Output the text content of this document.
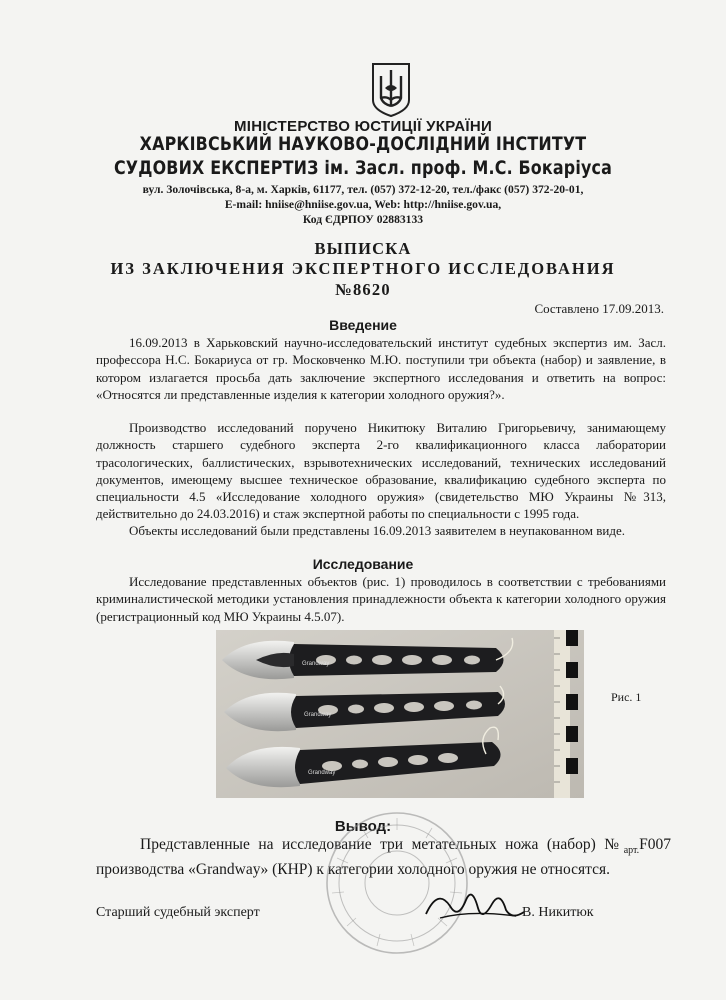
МІНІСТЕРСТВО ЮСТИЦІЇ УКРАЇНИ
ХАРКІВСЬКИЙ НАУКОВО-ДОСЛІДНИЙ ІНСТИТУТ
СУДОВИХ ЕКСПЕРТИЗ ім. Засл. проф. М.С. Бокаріуса
вул. Золочівська, 8-а, м. Харків, 61177, тел. (057) 372-12-20, тел./факс (057) 372-20-01,
E-mail: hniise@hniise.gov.ua, Web: http://hniise.gov.ua,
Код ЄДРПОУ 02883133
ВЫПИСКА
ИЗ ЗАКЛЮЧЕНИЯ ЭКСПЕРТНОГО ИССЛЕДОВАНИЯ
№8620
Составлено 17.09.2013.
Введение

16.09.2013 в Харьковский научно-исследовательский институт судебных экспертиз им. Засл. профессора Н.С. Бокариуса от гр. Московченко М.Ю. поступили три объекта (набор) и заявление, в котором излагается просьба дать заключение экспертного исследования и ответить на вопрос: «Относятся ли представленные изделия к категории холодного оружия?».

Производство исследований поручено Никитюку Виталию Григорьевичу, занимающему должность старшего судебного эксперта 2-го квалификационного класса лаборатории трасологических, баллистических, взрывотехнических исследований, технических исследований документов, имеющему высшее техническое образование, квалификацию судебного эксперта по специальности 4.5 «Исследование холодного оружия» (свидетельство МЮ Украины №313, действительно до 24.03.2016) и стаж экспертной работы по специальности с 1995 года.

Объекты исследований были представлены 16.09.2013 заявителем в неупакованном виде.

Исследование

Исследование представленных объектов (рис. 1) проводилось в соответствии с требованиями криминалистической методики установления принадлежности объекта к категории холодного оружия (регистрационный код МЮ Украины 4.5.07).

Grandway
Grandway
Grandway
Рис. 1
Вывод:

Представленные на исследование три метательных ножа (набор) $№_{арт.}F007$ производства «Grandway» (КНР) к категории холодного оружия не относятся.

Старший судебный эксперт	В. Никитюк
